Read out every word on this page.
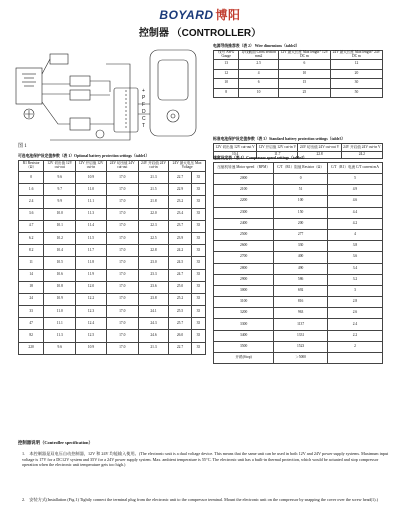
BOYARD 博阳
控制器 （CONTROLLER）
+
P
F
D
C
T
图 1
电源导线推荐表（表 2） Wire dimensions（table2）
线号 AWG Gauge	导线截面 Cross section mm2	12V 最大长度 Max length* 12V DC m	24V 最大长度 Max length* 24V DC m
13	2.5	6	12
12	4	10	20
10	6	15	30
8	10	25	50
标准电池保护设定值参数（表 3）Standard battery protection settings（table3）
12V 切出值 12V cut-out V	12V 开启值 12V cut-in V	24V 切出值 24V cut-out V	24V 开启值 24V cut-in V
10.4	11.7	22.8	24.2
可选电池保护设定值参数（表 1）Optional battery protection settings（table1）
R1 Resistor（Ω）	12V 切出值 12V cut-out	12V 开启值 12V cut-in	24V 切出值 24V cut-out	24V 开启值 24V cut-in	24V 最大电压 Max Voltage	
0	9.6	10.9	17.0	21.3	22.7	35
1.6	9.7	11.0	17.0	21.5	22.9	35
2.4	9.9	11.1	17.0	21.8	23.2	35
3.6	10.0	11.3	17.0	22.0	23.4	35
4.7	10.1	11.4	17.0	22.3	23.7	35
6.2	10.2	11.5	17.0	22.5	23.9	35
8.2	10.4	11.7	17.0	22.8	24.2	35
11	10.5	11.8	17.0	23.0	24.5	35
14	10.6	11.9	17.0	23.3	24.7	35
18	10.8	12.0	17.0	23.6	25.0	35
24	10.9	12.2	17.0	23.8	25.2	35
33	11.0	12.3	17.0	24.1	25.5	35
47	11.1	12.4	17.0	24.3	25.7	35
82	11.3	12.5	17.0	24.6	26.0	35
220	9.6	10.9	17.0	21.3	22.7	35
速度设定表（表 4）Compressor speed settings（table4）
压缩机转速 Motor speed （RPM）	C/T（R1）阻值 Resistor（Ω）	C/T（R1）电流 C/T current mA
2000	0	5
2100	51	4.9
2200	100	4.6
2300	150	4.4
2400	200	4.2
2500	277	4
2600	330	3.8
2700	400	3.6
2800	490	3.4
2900	586	3.2
3000	692	3
3100	816	2.8
3200	963	2.6
3300	1137	2.4
3400	1331	2.2
3500	1523	2
开路(Stop)	＞5000	
控制器说明（Controller specification）

1.　本控制器是双电压自动控制器，12V 和 24V 均能输入使用。(The electronic unit is a dual voltage device. This means that the same unit can be used in both 12V and 24V power supply systems. Maximum input voltage is 17V for a DC12V system and 35V for a 24V power supply system. Max. ambient temperature is 55°C. The electronic unit has a built-in thermal protection, which would be actuated and stop compressor operation when the electronic unit temperature gets too high.)

2.　安装方式(Installation (Fig.1) Tightly connect the terminal plug from the electronic unit to the compressor terminal. Mount the electronic unit on the compressor by snapping the cover over the screw head(1).)
